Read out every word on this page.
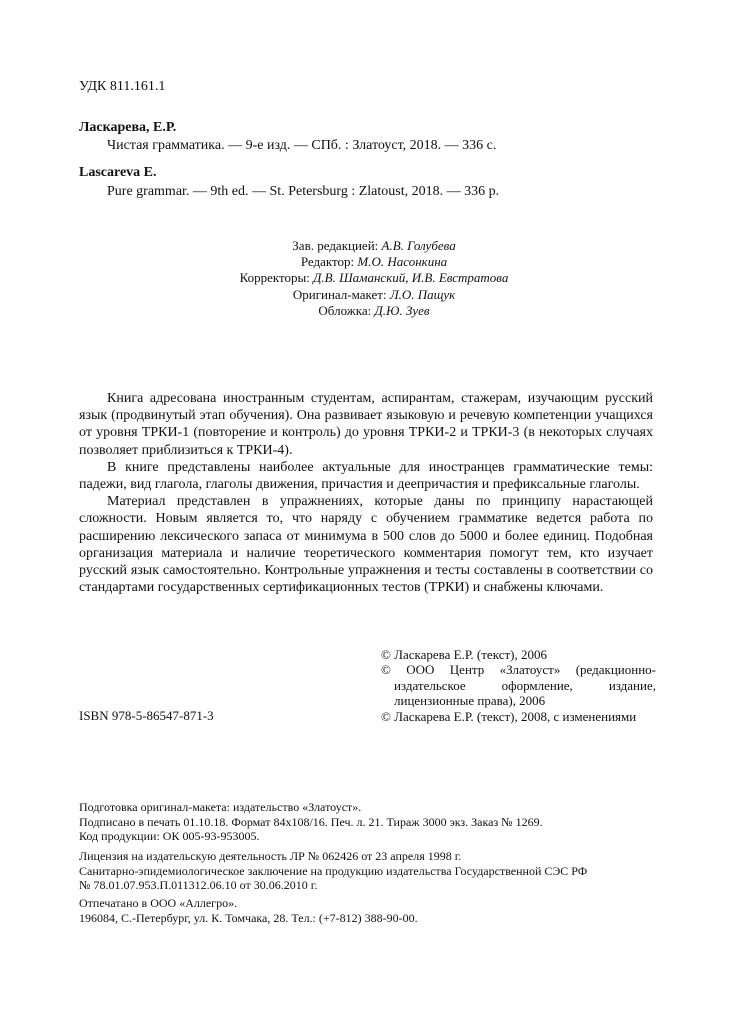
УДК 811.161.1
Ласкарева, Е.Р.
Чистая грамматика. — 9-е изд. — СПб. : Златоуст, 2018. — 336 с.
Lascareva E.
Pure grammar. — 9th ed. — St. Petersburg : Zlatoust, 2018. — 336 p.
Зав. редакцией: А.В. Голубева
Редактор: М.О. Насонкина
Корректоры: Д.В. Шаманский, И.В. Евстратова
Оригинал-макет: Л.О. Пащук
Обложка: Д.Ю. Зуев

Книга адресована иностранным студентам, аспирантам, стажерам, изучающим русский язык (продвинутый этап обучения). Она развивает языковую и речевую компетенции учащихся от уровня ТРКИ-1 (повторение и контроль) до уровня ТРКИ-2 и ТРКИ-3 (в некоторых случаях позволяет приблизиться к ТРКИ-4).

В книге представлены наиболее актуальные для иностранцев грамматические темы: падежи, вид глагола, глаголы движения, причастия и деепричастия и префиксальные глаголы.

Материал представлен в упражнениях, которые даны по принципу нарастающей сложности. Новым является то, что наряду с обучением грамматике ведется работа по расширению лексического запаса от минимума в 500 слов до 5000 и более единиц. Подобная организация материала и наличие теоретического комментария помогут тем, кто изучает русский язык самостоятельно. Контрольные упражнения и тесты составлены в соответствии со стандартами государственных сертификационных тестов (ТРКИ) и снабжены ключами.

© Ласкарева Е.Р. (текст), 2006

© ООО Центр «Златоуст» (редакционно-издательское оформление, издание, лицензионные права), 2006

© Ласкарева Е.Р. (текст), 2008, с изменениями

ISBN 978-5-86547-871-3
Подготовка оригинал-макета: издательство «Златоуст».
Подписано в печать 01.10.18. Формат 84x108/16. Печ. л. 21. Тираж 3000 экз. Заказ № 1269.
Код продукции: ОК 005-93-953005.
Лицензия на издательскую деятельность ЛР № 062426 от 23 апреля 1998 г.
Санитарно-эпидемиологическое заключение на продукцию издательства Государственной СЭС РФ
№ 78.01.07.953.П.011312.06.10 от 30.06.2010 г.
Отпечатано в ООО «Аллегро».
196084, С.-Петербург, ул. К. Томчака, 28. Тел.: (+7-812) 388-90-00.
